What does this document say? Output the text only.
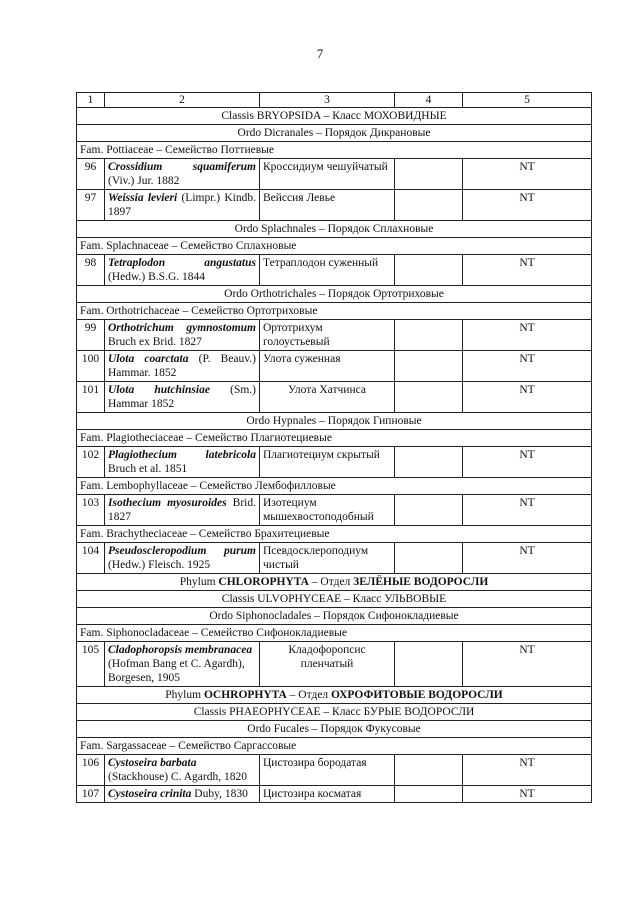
7
1	2	3	4	5
Classis BRYOPSIDA – Класс МОХОВИДНЫЕ				
Ordo Dicranales – Порядок Дикрановые				
Fam. Pottiaceae – Семейство Поттиевые				
96	Crossidium squamiferum (Viv.) Jur. 1882	Кроссидиум чешуйчатый		NT
97	Weissia levieri (Limpr.) Kindb. 1897	Вейссия Левье		NT
Ordo Splachnales – Порядок Сплахновые				
Fam. Splachnaceae – Семейство Сплахновые				
98	Tetraplodon angustatus (Hedw.) B.S.G. 1844	Тетраплодон суженный		NT
Ordo Orthotrichales – Порядок Ортотриховые				
Fam. Orthotrichaceae – Семейство Ортотриховые				
99	Orthotrichum gymnostomum Bruch ex Brid. 1827	Ортотрихум голоустьевый		NT
100	Ulota coarctata (P. Beauv.) Hammar. 1852	Улота суженная		NT
101	Ulota hutchinsiae (Sm.) Hammar 1852	Улота Хатчинса		NT
Ordo Hypnales – Порядок Гипновые				
Fam. Plagiotheciaceae – Семейство Плагиотециевые				
102	Plagiothecium latebricola Bruch et al. 1851	Плагиотециум скрытый		NT
Fam. Lembophyllaceae – Семейство Лембофилловые				
103	Isothecium myosuroides Brid. 1827	Изотециум мышехвостоподобный		NT
Fam. Brachytheciaceae – Семейство Брахитециевые				
104	Pseudoscleropodium purum (Hedw.) Fleisch. 1925	Псевдосклероподиум чистый		NT
Phylum CHLOROPHYTA – Отдел ЗЕЛЁНЫЕ ВОДОРОСЛИ				
Classis ULVOPHYCEAE – Класс УЛЬВОВЫЕ				
Ordo Siphonocladales – Порядок Сифонокладиевые				
Fam. Siphonocladaceae – Семейство Сифонокладиевые				
105	Cladophoropsis membranacea (Hofman Bang et C. Agardh), Borgesen, 1905	Кладофоропсис пленчатый		NT
Phylum OCHROPHYTA – Отдел ОХРОФИТОВЫЕ ВОДОРОСЛИ				
Classis PHAEOPHYCEAE – Класс БУРЫЕ ВОДОРОСЛИ				
Ordo Fucales – Порядок Фукусовые				
Fam. Sargassaceae – Семейство Саргассовые				
106	Cystoseira barbata (Stackhouse) C. Agardh, 1820	Цистозира бородатая		NT
107	Cystoseira crinita Duby, 1830	Цистозира косматая		NT
